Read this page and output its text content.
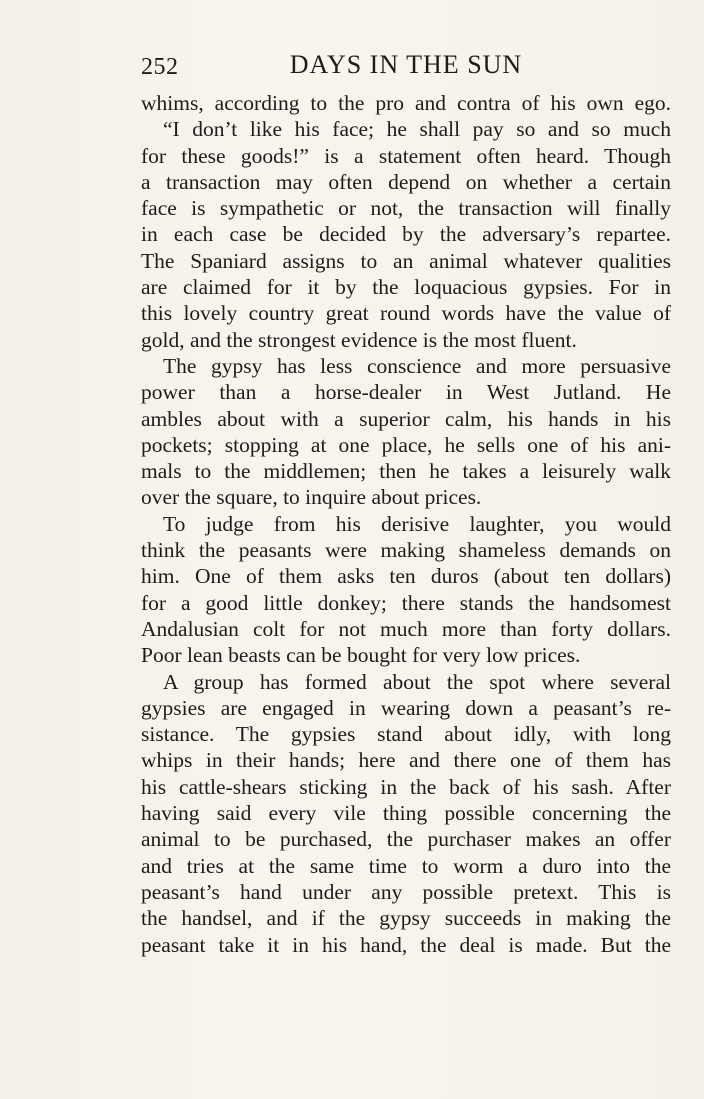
252	DAYS IN THE SUN
whims, according to the pro and contra of his own ego.
“I don’t like his face; he shall pay so and so much
for these goods!” is a statement often heard. Though
a transaction may often depend on whether a certain
face is sympathetic or not, the transaction will finally
in each case be decided by the adversary’s repartee.
The Spaniard assigns to an animal whatever qualities
are claimed for it by the loquacious gypsies. For in
this lovely country great round words have the value of
gold, and the strongest evidence is the most fluent.
The gypsy has less conscience and more persuasive
power than a horse-dealer in West Jutland. He
ambles about with a superior calm, his hands in his
pockets; stopping at one place, he sells one of his ani-
mals to the middlemen; then he takes a leisurely walk
over the square, to inquire about prices.
To judge from his derisive laughter, you would
think the peasants were making shameless demands on
him. One of them asks ten duros (about ten dollars)
for a good little donkey; there stands the handsomest
Andalusian colt for not much more than forty dollars.
Poor lean beasts can be bought for very low prices.
A group has formed about the spot where several
gypsies are engaged in wearing down a peasant’s re-
sistance. The gypsies stand about idly, with long
whips in their hands; here and there one of them has
his cattle-shears sticking in the back of his sash. After
having said every vile thing possible concerning the
animal to be purchased, the purchaser makes an offer
and tries at the same time to worm a duro into the
peasant’s hand under any possible pretext. This is
the handsel, and if the gypsy succeeds in making the
peasant take it in his hand, the deal is made. But the
